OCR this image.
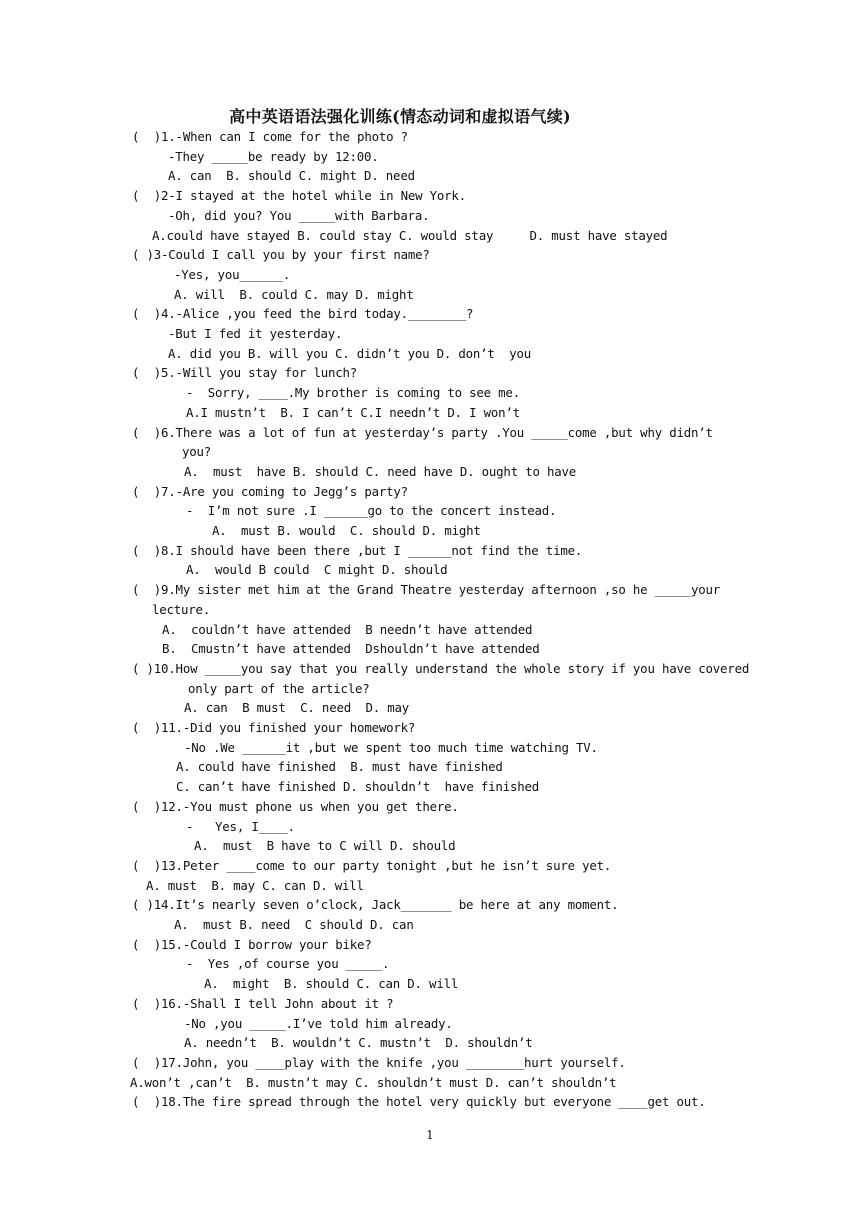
高中英语语法强化训练(情态动词和虚拟语气续)
(  )1.-When can I come for the photo ?
-They _____be ready by 12:00.
A. can  B. should C. might D. need
(  )2-I stayed at the hotel while in New York.
-Oh, did you? You _____with Barbara.
A.could have stayed B. could stay C. would stay     D. must have stayed
( )3-Could I call you by your first name?
-Yes, you______.
A. will  B. could C. may D. might
(  )4.-Alice ,you feed the bird today.________?
-But I fed it yesterday.
A. did you B. will you C. didn’t you D. don’t  you
(  )5.-Will you stay for lunch?
-  Sorry, ____.My brother is coming to see me.
A.I mustn’t  B. I can’t C.I needn’t D. I won’t
(  )6.There was a lot of fun at yesterday’s party .You _____come ,but why didn’t
you?
A.  must  have B. should C. need have D. ought to have
(  )7.-Are you coming to Jegg’s party?
-  I’m not sure .I ______go to the concert instead.
A.  must B. would  C. should D. might
(  )8.I should have been there ,but I ______not find the time.
A.  would B could  C might D. should
(  )9.My sister met him at the Grand Theatre yesterday afternoon ,so he _____your
lecture.
A.  couldn’t have attended  B needn’t have attended
B.  Cmustn’t have attended  Dshouldn’t have attended
( )10.How _____you say that you really understand the whole story if you have covered
only part of the article?
A. can  B must  C. need  D. may
(  )11.-Did you finished your homework?
-No .We ______it ,but we spent too much time watching TV.
A. could have finished  B. must have finished
C. can’t have finished D. shouldn’t  have finished
(  )12.-You must phone us when you get there.
-   Yes, I____.
A.  must  B have to C will D. should
(  )13.Peter ____come to our party tonight ,but he isn’t sure yet.
A. must  B. may C. can D. will
( )14.It’s nearly seven o’clock, Jack_______ be here at any moment.
A.  must B. need  C should D. can
(  )15.-Could I borrow your bike?
-  Yes ,of course you _____.
A.  might  B. should C. can D. will
(  )16.-Shall I tell John about it ?
-No ,you _____.I’ve told him already.
A. needn’t  B. wouldn’t C. mustn’t  D. shouldn’t
(  )17.John, you ____play with the knife ,you ________hurt yourself.
A.won’t ,can’t  B. mustn’t may C. shouldn’t must D. can’t shouldn’t
(  )18.The fire spread through the hotel very quickly but everyone ____get out.
1
